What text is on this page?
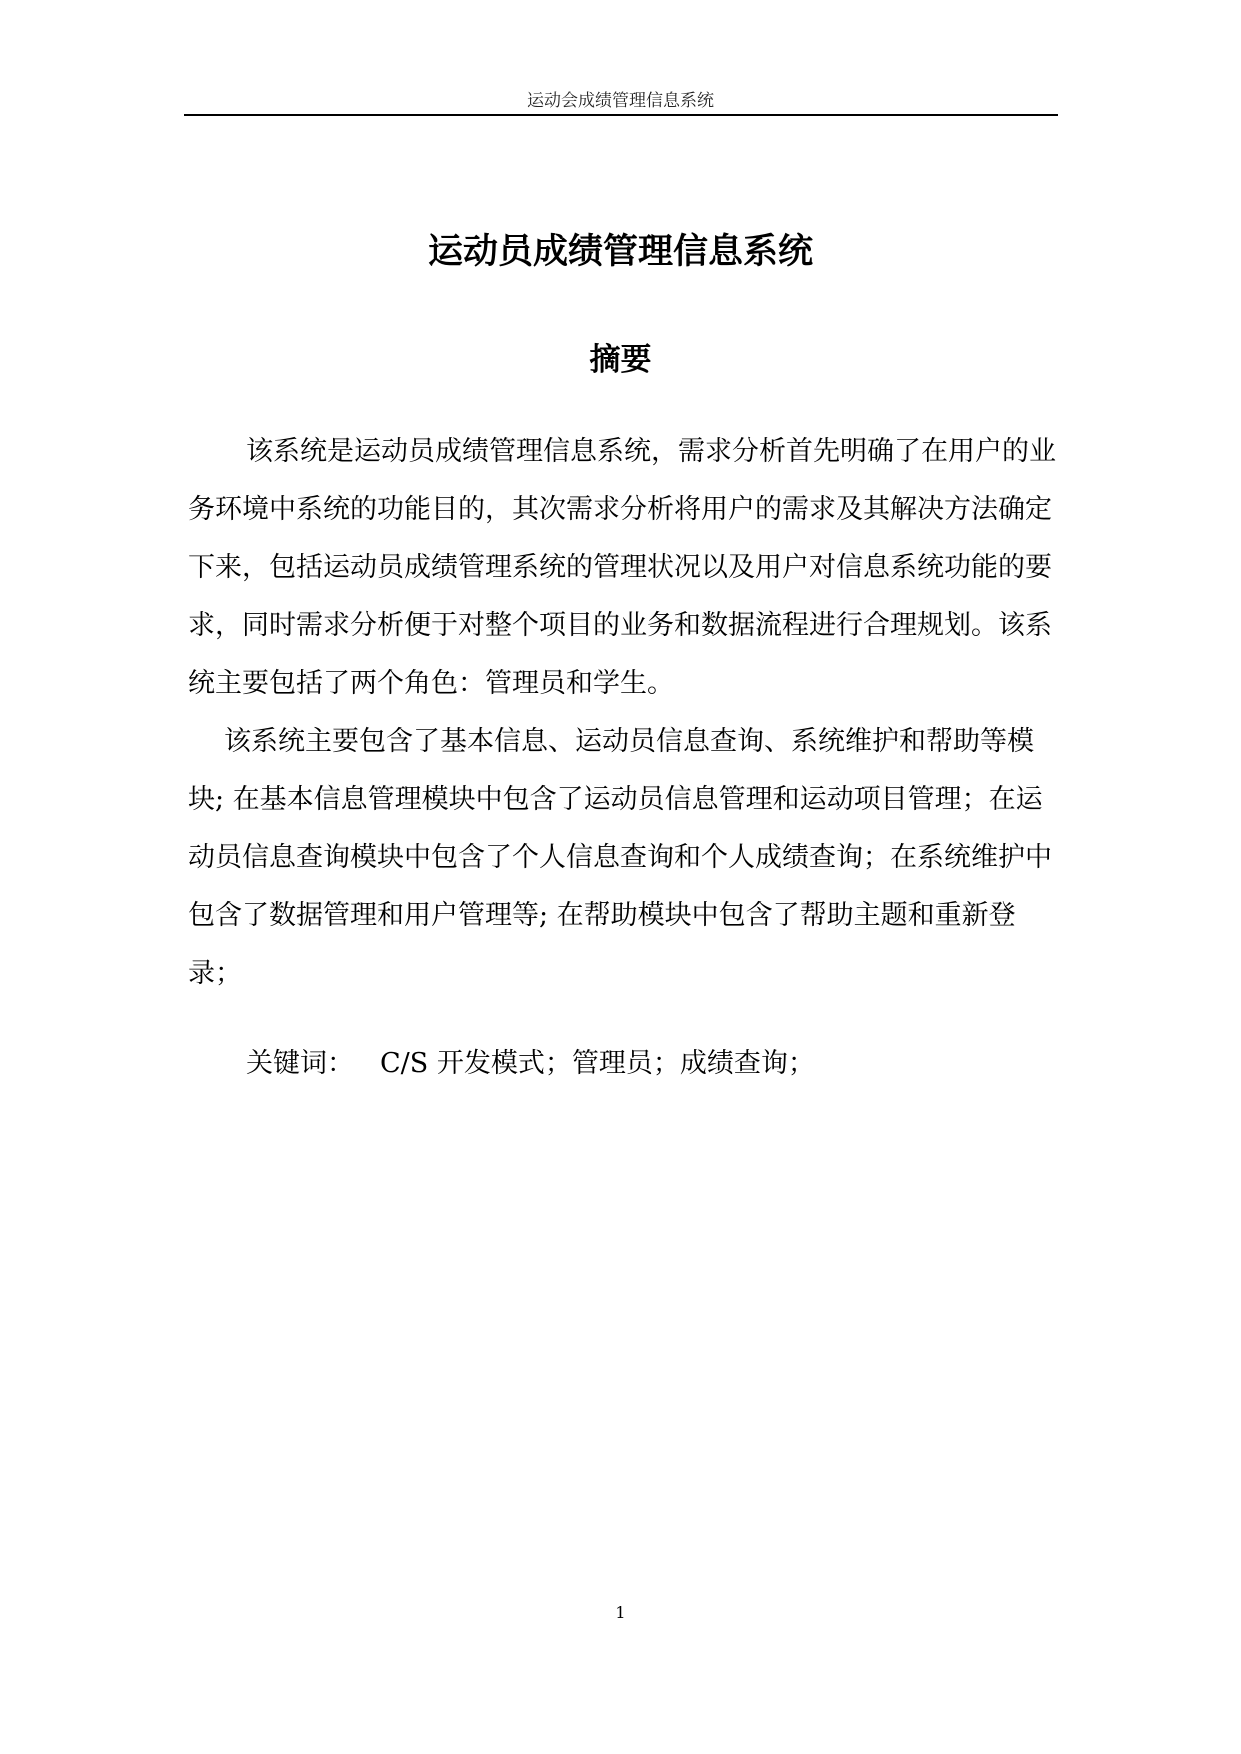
运动会成绩管理信息系统
运动员成绩管理信息系统
摘要

该系统是运动员成绩管理信息系统，需求分析首先明确了在用户的业务环境中系统的功能目的，其次需求分析将用户的需求及其解决方法确定下来，包括运动员成绩管理系统的管理状况以及用户对信息系统功能的要求，同时需求分析便于对整个项目的业务和数据流程进行合理规划。该系统主要包括了两个角色：管理员和学生。

该系统主要包含了基本信息、运动员信息查询、系统维护和帮助等模块; 在基本信息管理模块中包含了运动员信息管理和运动项目管理；在运动员信息查询模块中包含了个人信息查询和个人成绩查询；在系统维护中包含了数据管理和用户管理等; 在帮助模块中包含了帮助主题和重新登录；

关键词： C/S 开发模式；管理员；成绩查询；
1
